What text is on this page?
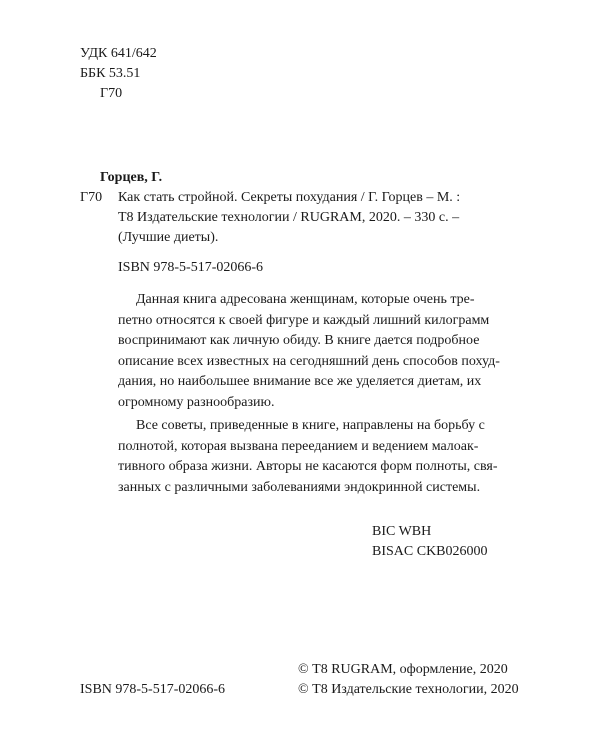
УДК 641/642
ББК 53.51
Г70
Горцев, Г.
Г70 Как стать стройной. Секреты похудания / Г. Горцев – М. :
Т8 Издательские технологии / RUGRAM, 2020. – 330 с. –
(Лучшие диеты).
ISBN 978-5-517-02066-6

Данная книга адресована женщинам, которые очень тре-

петно относятся к своей фигуре и каждый лишний килограмм

воспринимают как личную обиду. В книге дается подробное

описание всех известных на сегодняшний день способов похуд-

дания, но наибольшее внимание все же уделяется диетам, их

огромному разнообразию.

Все советы, приведенные в книге, направлены на борьбу с

полнотой, которая вызвана перееданием и ведением малоак-

тивного образа жизни. Авторы не касаются форм полноты, свя-

занных с различными заболеваниями эндокринной системы.

BIC WBH
BISAC CKB026000
ISBN 978-5-517-02066-6
© Т8 RUGRAM, оформление, 2020
© Т8 Издательские технологии, 2020
